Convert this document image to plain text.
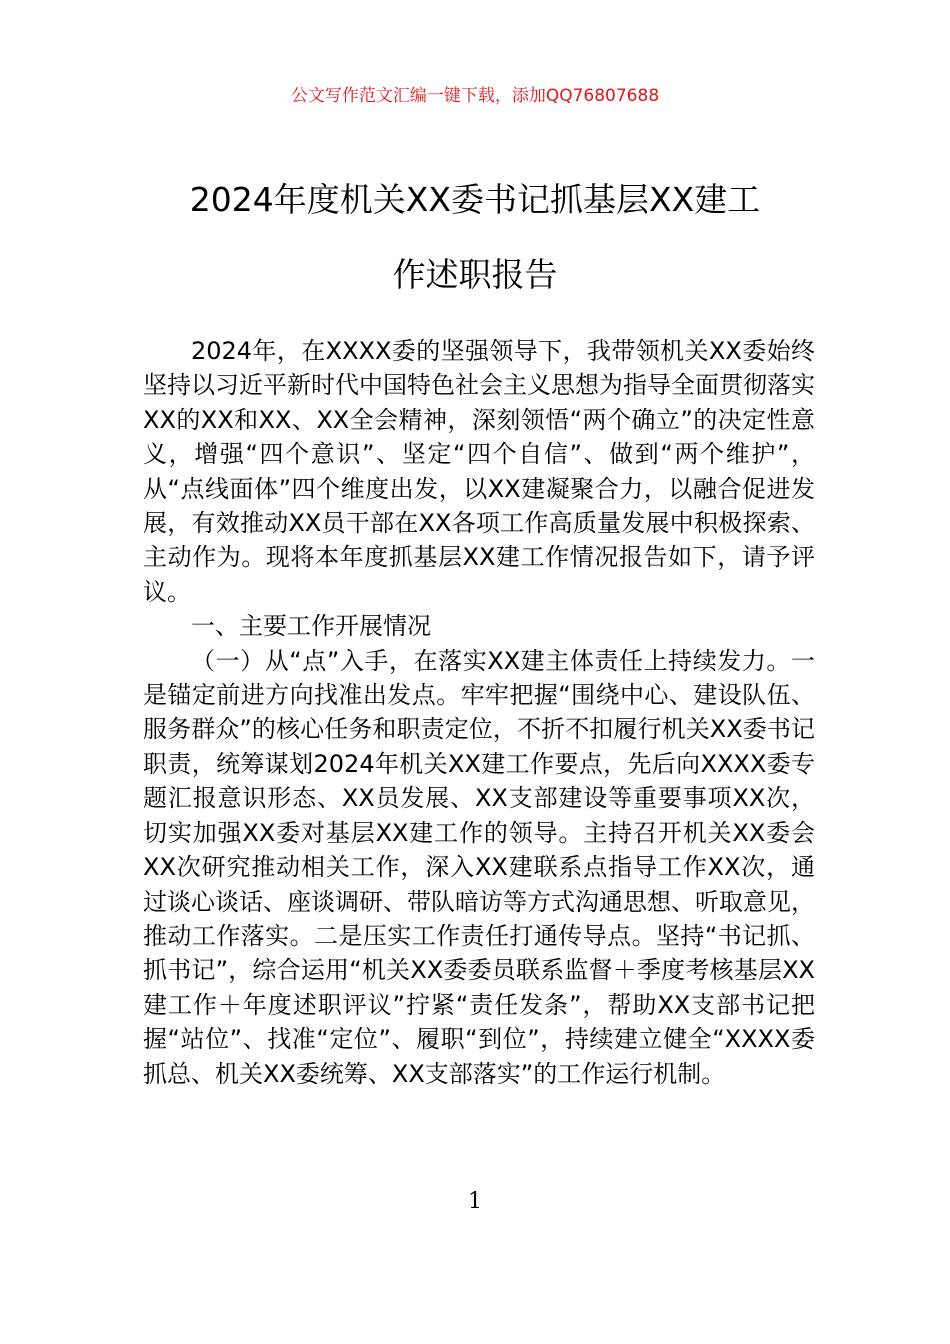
公文写作范文汇编一键下载，添加QQ76807688
2024年度机关XX委书记抓基层XX建工
作述职报告

2024年，在XXXX委的坚强领导下，我带领机关XX委始终坚持以习近平新时代中国特色社会主义思想为指导全面贯彻落实XX的XX和XX、XX全会精神，深刻领悟“两个确立”的决定性意义，增强“四个意识”、坚定“四个自信”、做到“两个维护”，从“点线面体”四个维度出发，以XX建凝聚合力，以融合促进发展，有效推动XX员干部在XX各项工作高质量发展中积极探索、主动作为。现将本年度抓基层XX建工作情况报告如下，请予评议。

一、主要工作开展情况

（一）从“点”入手，在落实XX建主体责任上持续发力。一是锚定前进方向找准出发点。牢牢把握“围绕中心、建设队伍、服务群众”的核心任务和职责定位，不折不扣履行机关XX委书记职责，统筹谋划2024年机关XX建工作要点，先后向XXXX委专题汇报意识形态、XX员发展、XX支部建设等重要事项XX次，切实加强XX委对基层XX建工作的领导。主持召开机关XX委会XX次研究推动相关工作，深入XX建联系点指导工作XX次，通过谈心谈话、座谈调研、带队暗访等方式沟通思想、听取意见，推动工作落实。二是压实工作责任打通传导点。坚持“书记抓、抓书记”，综合运用“机关XX委委员联系监督＋季度考核基层XX建工作＋年度述职评议”拧紧“责任发条”，帮助XX支部书记把握“站位”、找准“定位”、履职“到位”，持续建立健全“XXXX委抓总、机关XX委统筹、XX支部落实”的工作运行机制。

1
